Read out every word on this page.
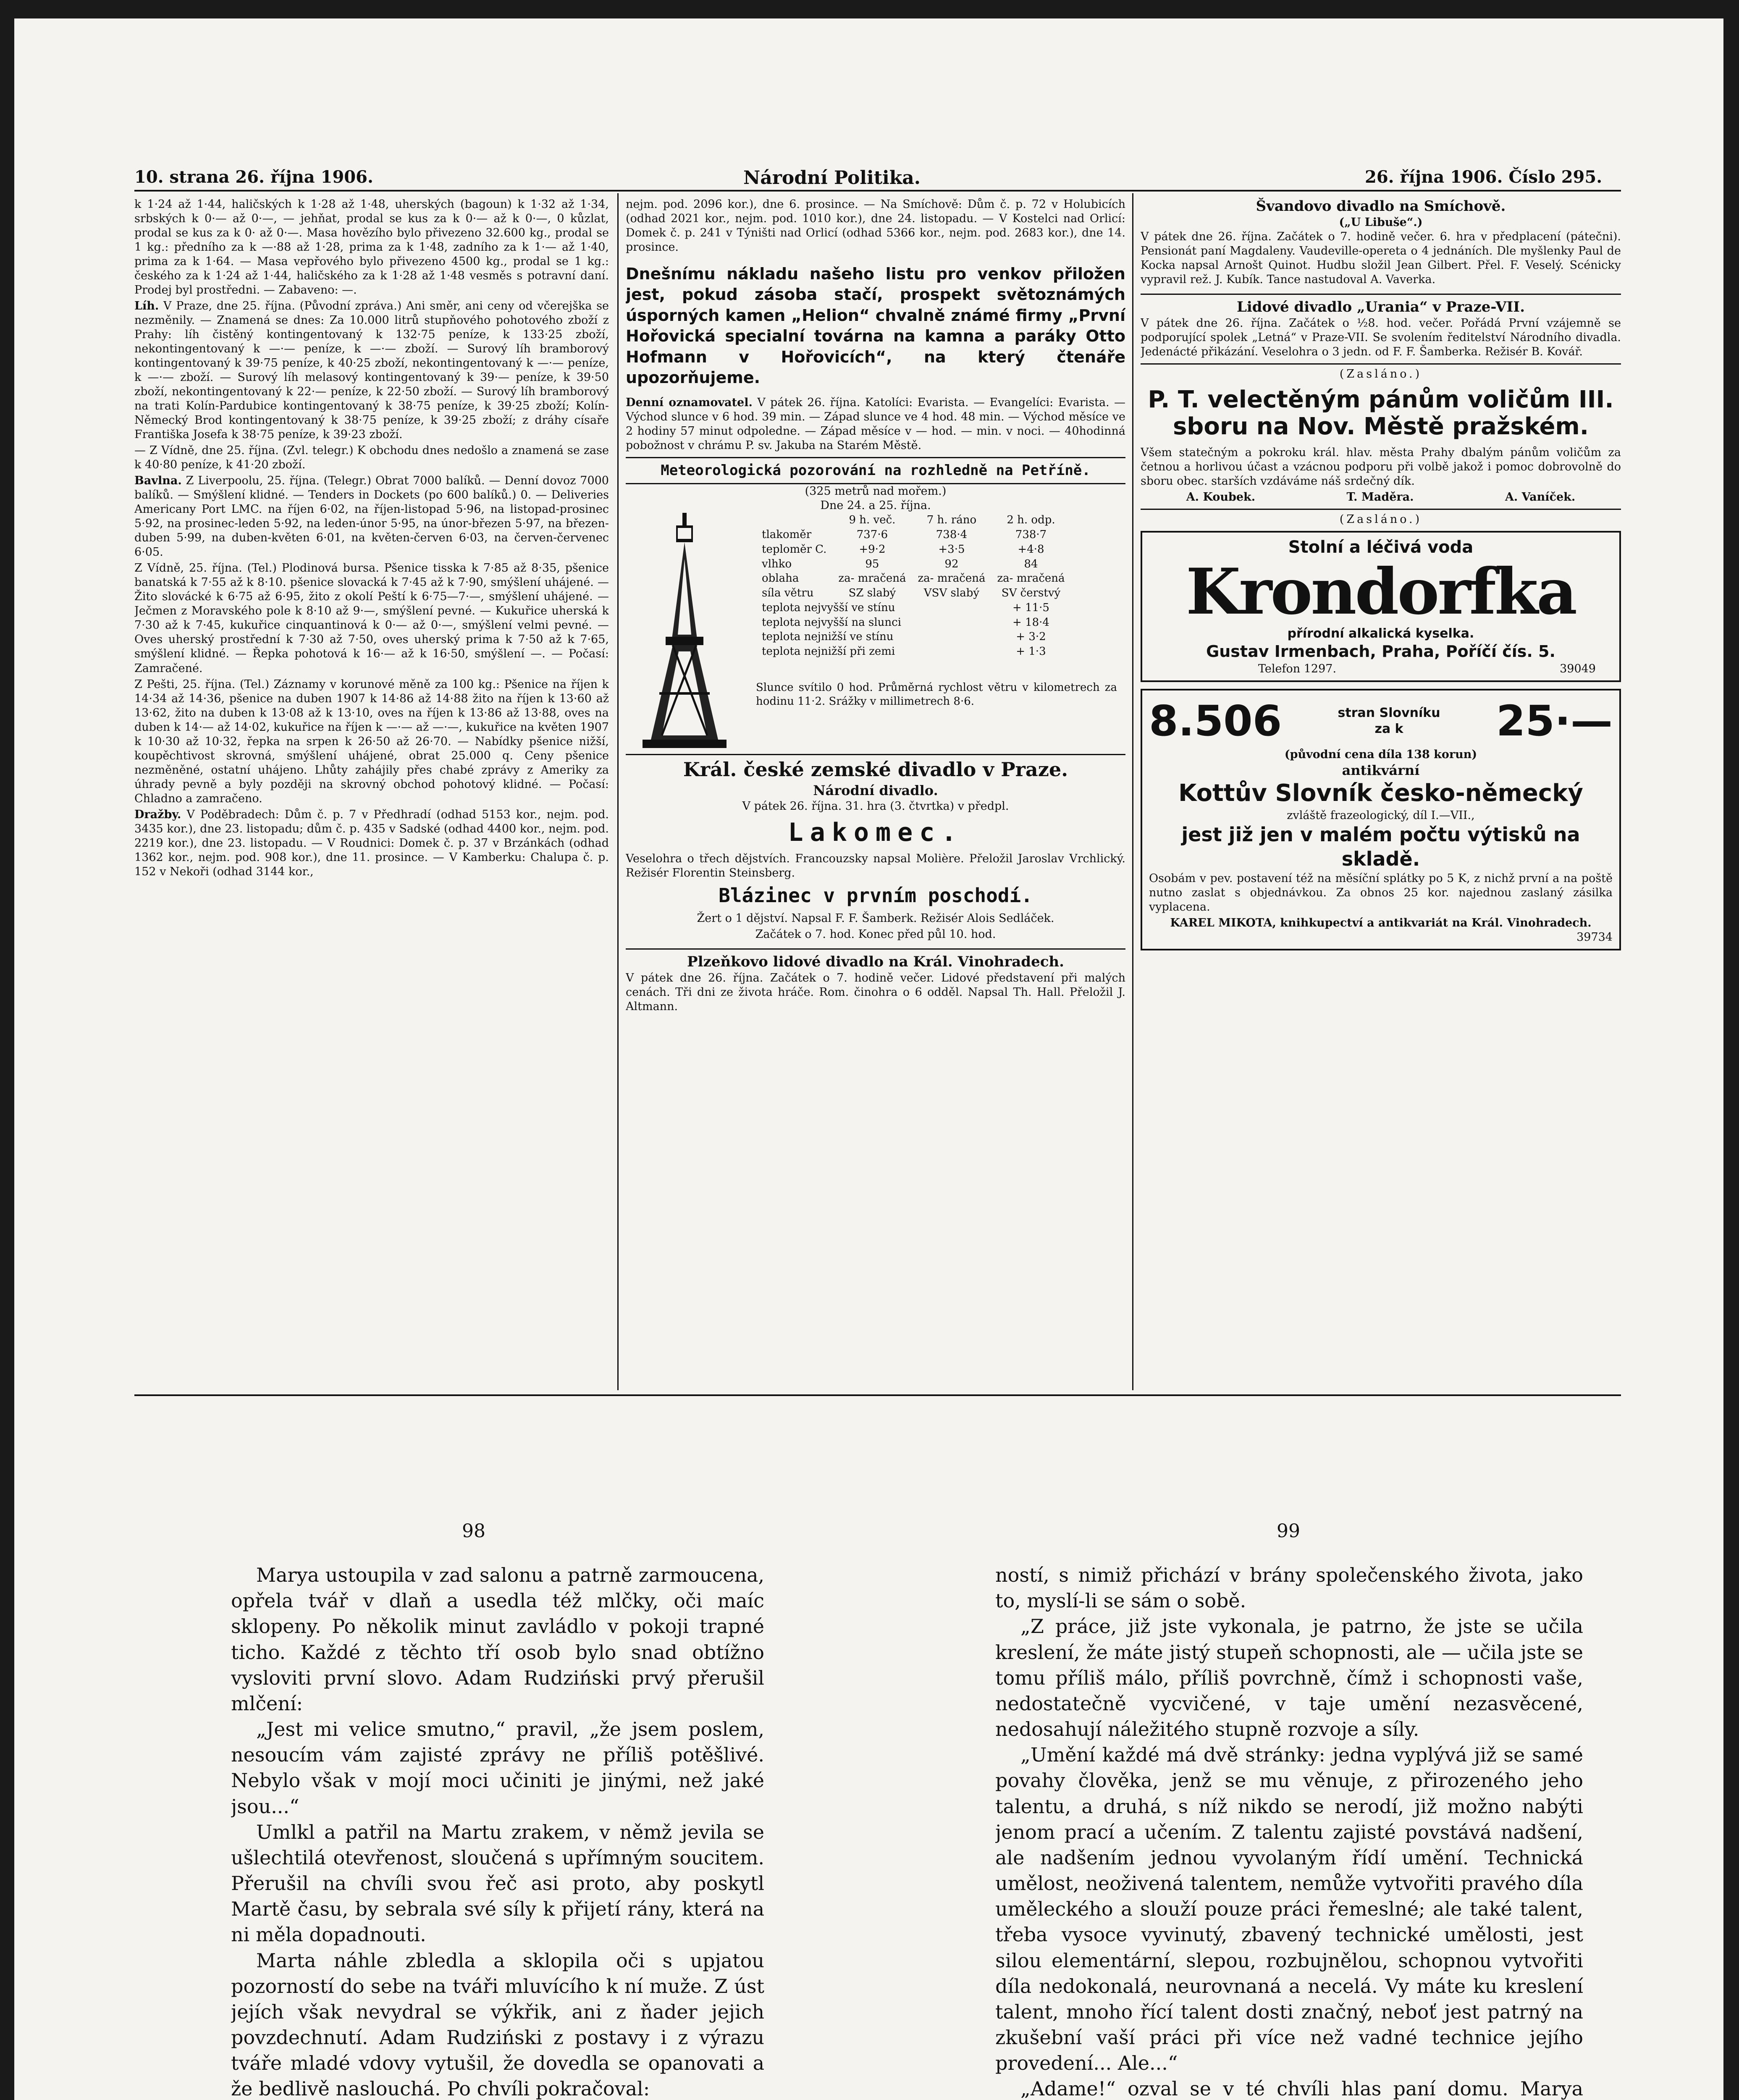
10. strana 26. října 1906.	Národní Politika.	26. října 1906. Číslo 295.

k 1·24 až 1·44, haličských k 1·28 až 1·48, uherských (bagoun) k 1·32 až 1·34, srbských k 0·— až 0·—, — jehňat, prodal se kus za k 0·— až k 0·—, 0 kůzlat, prodal se kus za k 0· až 0·—. Masa hovězího bylo přivezeno 32.600 kg., prodal se 1 kg.: předního za k —·88 až 1·28, prima za k 1·48, zadního za k 1·— až 1·40, prima za k 1·64. — Masa vepřového bylo přivezeno 4500 kg., prodal se 1 kg.: českého za k 1·24 až 1·44, haličského za k 1·28 až 1·48 vesměs s potravní daní. Prodej byl prostředni. — Zabaveno: —.

Líh. V Praze, dne 25. října. (Původní zpráva.) Ani směr, ani ceny od včerejška se nezměnily. — Znamená se dnes: Za 10.000 litrů stupňového pohotového zboží z Prahy: líh čistěný kontingentovaný k 132·75 peníze, k 133·25 zboží, nekontingentovaný k —·— peníze, k —·— zboží. — Surový líh bramborový kontingentovaný k 39·75 peníze, k 40·25 zboží, nekontingentovaný k —·— peníze, k —·— zboží. — Surový líh melasový kontingentovaný k 39·— peníze, k 39·50 zboží, nekontingentovaný k 22·— peníze, k 22·50 zboží. — Surový líh bramborový na trati Kolín-Pardubice kontingentovaný k 38·75 peníze, k 39·25 zboží; Kolín-Německý Brod kontingentovaný k 38·75 peníze, k 39·25 zboží; z dráhy císaře Františka Josefa k 38·75 peníze, k 39·23 zboží.

— Z Vídně, dne 25. října. (Zvl. telegr.) K obchodu dnes nedošlo a znamená se zase k 40·80 peníze, k 41·20 zboží.

Bavlna. Z Liverpoolu, 25. října. (Telegr.) Obrat 7000 balíků. — Denní dovoz 7000 balíků. — Smýšlení klidné. — Tenders in Dockets (po 600 balíků.) 0. — Deliveries Americany Port LMC. na říjen 6·02, na říjen-listopad 5·96, na listopad-prosinec 5·92, na prosinec-leden 5·92, na leden-únor 5·95, na únor-březen 5·97, na březen-duben 5·99, na duben-květen 6·01, na květen-červen 6·03, na červen-červenec 6·05.

Z Vídně, 25. října. (Tel.) Plodinová bursa. Pšenice tisska k 7·85 až 8·35, pšenice banatská k 7·55 až k 8·10. pšenice slovacká k 7·45 až k 7·90, smýšlení uhájené. — Žito slovácké k 6·75 až 6·95, žito z okolí Peští k 6·75—7·—, smýšlení uhájené. — Ječmen z Moravského pole k 8·10 až 9·—, smýšlení pevné. — Kukuřice uherská k 7·30 až k 7·45, kukuřice cinquantinová k 0·— až 0·—, smýšlení velmi pevné. — Oves uherský prostřední k 7·30 až 7·50, oves uherský prima k 7·50 až k 7·65, smýšlení klidné. — Řepka pohotová k 16·— až k 16·50, smýšlení —. — Počasí: Zamračené.

Z Pešti, 25. října. (Tel.) Záznamy v korunové měně za 100 kg.: Pšenice na říjen k 14·34 až 14·36, pšenice na duben 1907 k 14·86 až 14·88 žito na říjen k 13·60 až 13·62, žito na duben k 13·08 až k 13·10, oves na říjen k 13·86 až 13·88, oves na duben k 14·— až 14·02, kukuřice na říjen k —·— až —·—, kukuřice na květen 1907 k 10·30 až 10·32, řepka na srpen k 26·50 až 26·70. — Nabídky pšenice nižší, koupěchtivost skrovná, smýšlení uhájené, obrat 25.000 q. Ceny pšenice nezměněné, ostatní uhájeno. Lhůty zahájily přes chabé zprávy z Ameriky za úhrady pevně a byly později na skrovný obchod pohotový klidné. — Počasí: Chladno a zamračeno.

Dražby. V Poděbradech: Dům č. p. 7 v Předhradí (odhad 5153 kor., nejm. pod. 3435 kor.), dne 23. listopadu; dům č. p. 435 v Sadské (odhad 4400 kor., nejm. pod. 2219 kor.), dne 23. listopadu. — V Roudnici: Domek č. p. 37 v Brzánkách (odhad 1362 kor., nejm. pod. 908 kor.), dne 11. prosince. — V Kamberku: Chalupa č. p. 152 v Nekoři (odhad 3144 kor.,

nejm. pod. 2096 kor.), dne 6. prosince. — Na Smíchově: Dům č. p. 72 v Holubicích (odhad 2021 kor., nejm. pod. 1010 kor.), dne 24. listopadu. — V Kostelci nad Orlicí: Domek č. p. 241 v Týništi nad Orlicí (odhad 5366 kor., nejm. pod. 2683 kor.), dne 14. prosince.

Dnešnímu nákladu našeho listu pro venkov přiložen jest, pokud zásoba stačí, prospekt světoznámých úsporných kamen „Helion“ chvalně známé firmy „První Hořovická specialní továrna na kamna a paráky Otto Hofmann v Hořovicích“, na který čtenáře upozorňujeme.

Denní oznamovatel. V pátek 26. října. Katolíci: Evarista. — Evangelíci: Evarista. — Východ slunce v 6 hod. 39 min. — Západ slunce ve 4 hod. 48 min. — Východ měsíce ve 2 hodiny 57 minut odpoledne. — Západ měsíce v — hod. — min. v noci. — 40hodinná pobožnost v chrámu P. sv. Jakuba na Starém Městě.

Meteorologická pozorování na rozhledně na Petříně.
(325 metrů nad mořem.)
Dne 24. a 25. října.
	9 h. več.	7 h. ráno	2 h. odp.
tlakoměr	737·6	738·4	738·7
teploměr C.	+9·2	+3·5	+4·8
vlhko	95	92	84
oblaha	za- mračená	za- mračená	za- mračená
síla větru	SZ slabý	VSV slabý	SV čerstvý
teplota nejvyšší ve stínu			+ 11·5
teplota nejvyšší na slunci			+ 18·4
teplota nejnižší ve stínu			+ 3·2
teplota nejnižší při zemi			+ 1·3
Slunce svítilo 0 hod. Průměrná rychlost větru v kilometrech za hodinu 11·2. Srážky v millimetrech 8·6.
Král. české zemské divadlo v Praze.
Národní divadlo.
V pátek 26. října. 31. hra (3. čtvrtka) v předpl.
Lakomec.

Veselohra o třech dějstvích. Francouzsky napsal Molière. Přeložil Jaroslav Vrchlický. Režisér Florentin Steinsberg.

Blázinec v prvním poschodí.

Žert o 1 dějství. Napsal F. F. Šamberk. Režisér Alois Sedláček.

Začátek o 7. hod. Konec před půl 10. hod.

Plzeňkovo lidové divadlo na Král. Vinohradech.

V pátek dne 26. října. Začátek o 7. hodině večer. Lidové představení při malých cenách. Tři dni ze života hráče. Rom. činohra o 6 odděl. Napsal Th. Hall. Přeložil J. Altmann.

Švandovo divadlo na Smíchově.
(„U Libuše“.)

V pátek dne 26. října. Začátek o 7. hodině večer. 6. hra v předplacení (pátečni). Pensionát paní Magdaleny. Vaudeville-opereta o 4 jednáních. Dle myšlenky Paul de Kocka napsal Arnošt Quinot. Hudbu složil Jean Gilbert. Přel. F. Veselý. Scénicky vypravil rež. J. Kubík. Tance nastudoval A. Vaverka.

Lidové divadlo „Urania“ v Praze-VII.

V pátek dne 26. října. Začátek o ½8. hod. večer. Pořádá První vzájemně se podporující spolek „Letná“ v Praze-VII. Se svolením ředitelství Národního divadla. Jedenácté přikázání. Veselohra o 3 jedn. od F. F. Šamberka. Režisér B. Kovář.

(Zasláno.)
P. T. velectěným pánům voličům III. sboru na Nov. Městě pražském.

Všem statečným a pokroku král. hlav. města Prahy dbalým pánům voličům za četnou a horlivou účast a vzácnou podporu při volbě jakož i pomoc dobrovolně do sboru obec. starších vzdáváme náš srdečný dík.

A. Koubek.	T. Maděra.	A. Vaníček.
(Zasláno.)
Stolní a léčivá voda
Krondorfka
přírodní alkalická kyselka.
Gustav Irmenbach, Praha, Poříčí čís. 5.
Telefon 1297.	39049
8.506	stran Slovníku za k	25·—
(původní cena díla 138 korun)
antikvární
Kottův Slovník česko-německý
zvláště frazeologický, díl I.—VII.,
jest již jen v malém počtu výtisků na skladě.

Osobám v pev. postavení též na měsíční splátky po 5 K, z nichž první a na poště nutno zaslat s objednávkou. Za obnos 25 kor. najednou zaslaný zásilka vyplacena.

KAREL MIKOTA, knihkupectví a antikvariát na Král. Vinohradech.
39734
98	99

Marya ustoupila v zad salonu a patrně zarmoucena, opřela tvář v dlaň a usedla též mlčky, oči maíc sklopeny. Po několik minut zavládlo v pokoji trapné ticho. Každé z těchto tří osob bylo snad obtížno vysloviti první slovo. Adam Rudziński prvý přerušil mlčení:

„Jest mi velice smutno,“ pravil, „že jsem poslem, nesoucím vám zajisté zprávy ne příliš potěšlivé. Nebylo však v mojí moci učiniti je jinými, než jaké jsou...“

Umlkl a patřil na Martu zrakem, v němž jevila se ušlechtilá otevřenost, sloučená s upřímným soucitem. Přerušil na chvíli svou řeč asi proto, aby poskytl Martě času, by sebrala své síly k přijetí rány, která na ni měla dopadnouti.

Marta náhle zbledla a sklopila oči s upjatou pozorností do sebe na tváři mluvícího k ní muže. Z úst jejích však nevydral se výkřik, ani z ňader jejich povzdechnutí. Adam Rudziński z postavy i z výrazu tváře mladé vdovy vytušil, že dovedla se opanovati a že bedlivě naslouchá. Po chvíli pokračoval:

ností, s nimiž přichází v brány společenského života, jako to, myslí-li se sám o sobě.

„Z práce, již jste vykonala, je patrno, že jste se učila kreslení, že máte jistý stupeň schopnosti, ale — učila jste se tomu příliš málo, příliš povrchně, čímž i schopnosti vaše, nedostatečně vycvičené, v taje umění nezasvěcené, nedosahují náležitého stupně rozvoje a síly.

„Umění každé má dvě stránky: jedna vyplývá již se samé povahy člověka, jenž se mu věnuje, z přirozeného jeho talentu, a druhá, s níž nikdo se nerodí, již možno nabýti jenom prací a učením. Z talentu zajisté povstává nadšení, ale nadšením jednou vyvolaným řídí umění. Technická umělost, neoživená talentem, nemůže vytvořiti pravého díla uměleckého a slouží pouze práci řemeslné; ale také talent, třeba vysoce vyvinutý, zbavený technické umělosti, jest silou elementární, slepou, rozbujnělou, schopnou vytvořiti díla nedokonalá, neurovnaná a necelá. Vy máte ku kreslení talent, mnoho řící talent dosti značný, neboť jest patrný na zkušební vaší práci při více než vadné technice jejího provedení... Ale...“

„Adame!“ ozval se v té chvíli hlas paní domu. Marya
